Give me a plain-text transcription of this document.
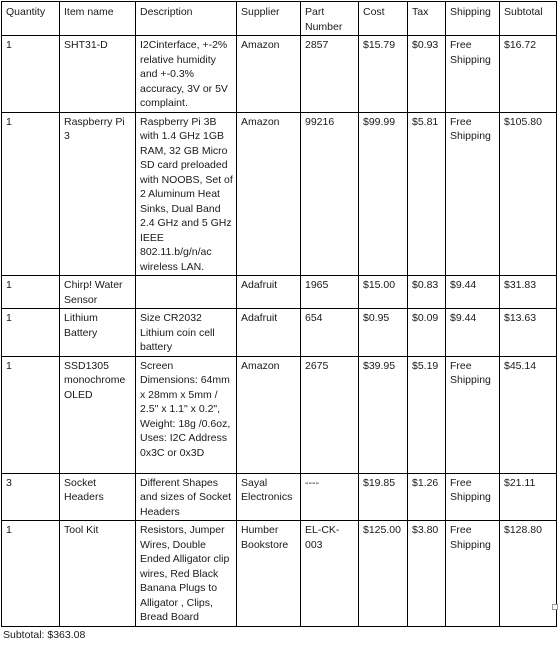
Quantity	Item name	Description	Supplier	Part Number	Cost	Tax	Shipping	Subtotal
1	SHT31-D	I2Cinterface, +-2% relative humidity and +-0.3% accuracy, 3V or 5V complaint.	Amazon	2857	$15.79	$0.93	Free Shipping	$16.72
1	Raspberry Pi 3	Raspberry Pi 3B with 1.4 GHz 1GB RAM, 32 GB Micro SD card preloaded with NOOBS, Set of 2 Aluminum Heat Sinks, Dual Band 2.4 GHz and 5 GHz IEEE 802.11.b/g/n/ac wireless LAN.	Amazon	99216	$99.99	$5.81	Free Shipping	$105.80
1	Chirp! Water Sensor		Adafruit	1965	$15.00	$0.83	$9.44	$31.83
1	Lithium Battery	Size CR2032 Lithium coin cell battery	Adafruit	654	$0.95	$0.09	$9.44	$13.63
1	SSD1305 monochrome OLED	Screen Dimensions: 64mm x 28mm x 5mm / 2.5" x 1.1" x 0.2", Weight: 18g /0.6oz, Uses: I2C Address 0x3C or 0x3D	Amazon	2675	$39.95	$5.19	Free Shipping	$45.14
3	Socket Headers	Different Shapes and sizes of Socket Headers	Sayal Electronics	----	$19.85	$1.26	Free Shipping	$21.11
1	Tool Kit	Resistors, Jumper Wires, Double Ended Alligator clip wires, Red Black Banana Plugs to Alligator , Clips, Bread Board	Humber Bookstore	EL-CK-003	$125.00	$3.80	Free Shipping	$128.80
Subtotal: $363.08
